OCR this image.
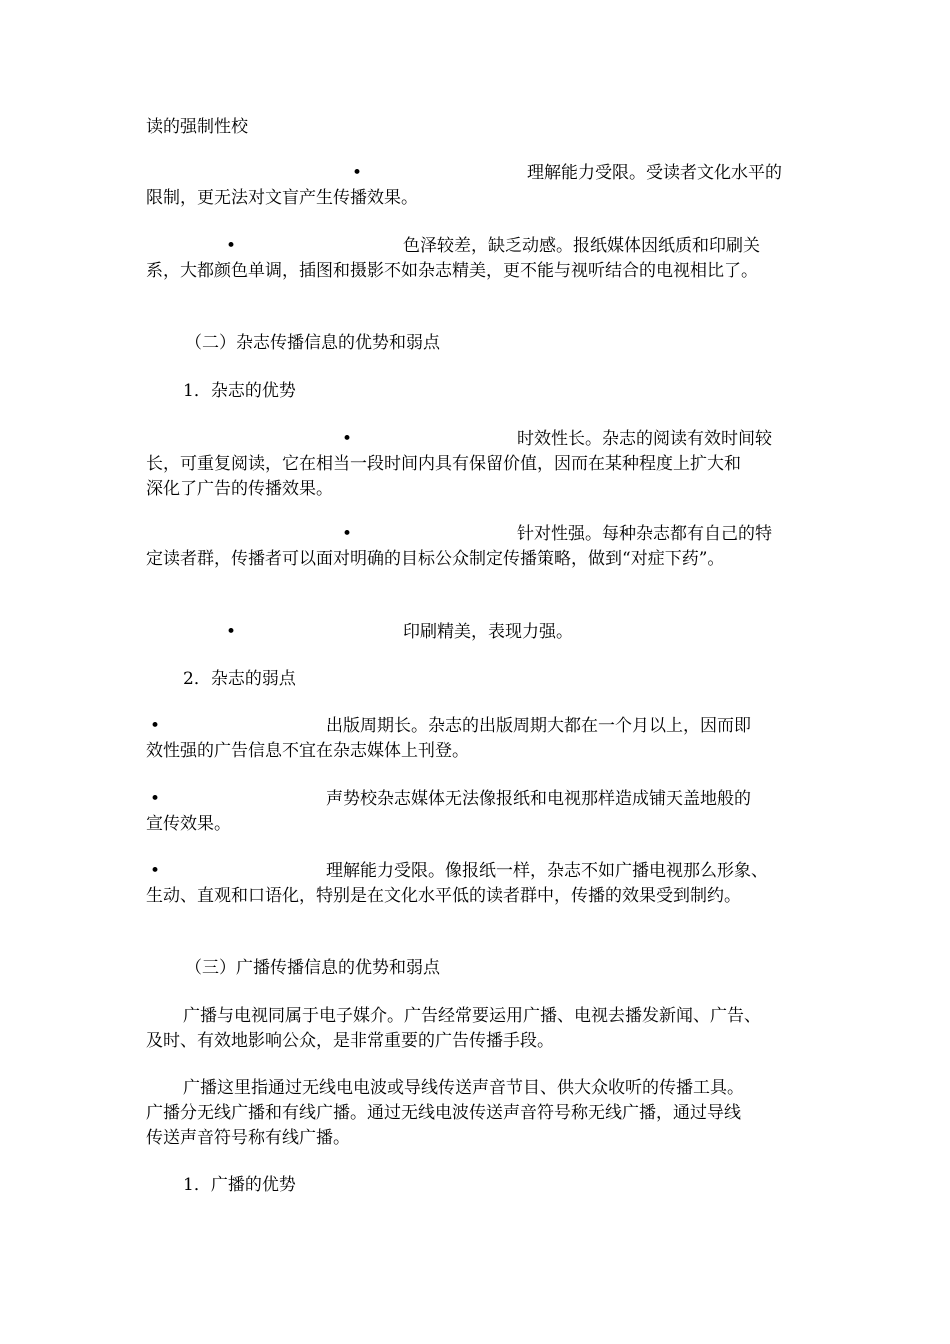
读的强制性校
•	理解能力受限。受读者文化水平的
限制，更无法对文盲产生传播效果。
•	色泽较差，缺乏动感。报纸媒体因纸质和印刷关
系，大都颜色单调，插图和摄影不如杂志精美，更不能与视听结合的电视相比了。
（二）杂志传播信息的优势和弱点
1．杂志的优势
•	时效性长。杂志的阅读有效时间较
长，可重复阅读，它在相当一段时间内具有保留价值，因而在某种程度上扩大和
深化了广告的传播效果。
•	针对性强。每种杂志都有自己的特
定读者群，传播者可以面对明确的目标公众制定传播策略，做到“对症下药”。
•	印刷精美，表现力强。
2．杂志的弱点
•	出版周期长。杂志的出版周期大都在一个月以上，因而即
效性强的广告信息不宜在杂志媒体上刊登。
•	声势校杂志媒体无法像报纸和电视那样造成铺天盖地般的
宣传效果。
•	理解能力受限。像报纸一样，杂志不如广播电视那么形象、
生动、直观和口语化，特别是在文化水平低的读者群中，传播的效果受到制约。
（三）广播传播信息的优势和弱点
广播与电视同属于电子媒介。广告经常要运用广播、电视去播发新闻、广告、
及时、有效地影响公众，是非常重要的广告传播手段。
广播这里指通过无线电电波或导线传送声音节目、供大众收听的传播工具。
广播分无线广播和有线广播。通过无线电波传送声音符号称无线广播，通过导线
传送声音符号称有线广播。
1．广播的优势
